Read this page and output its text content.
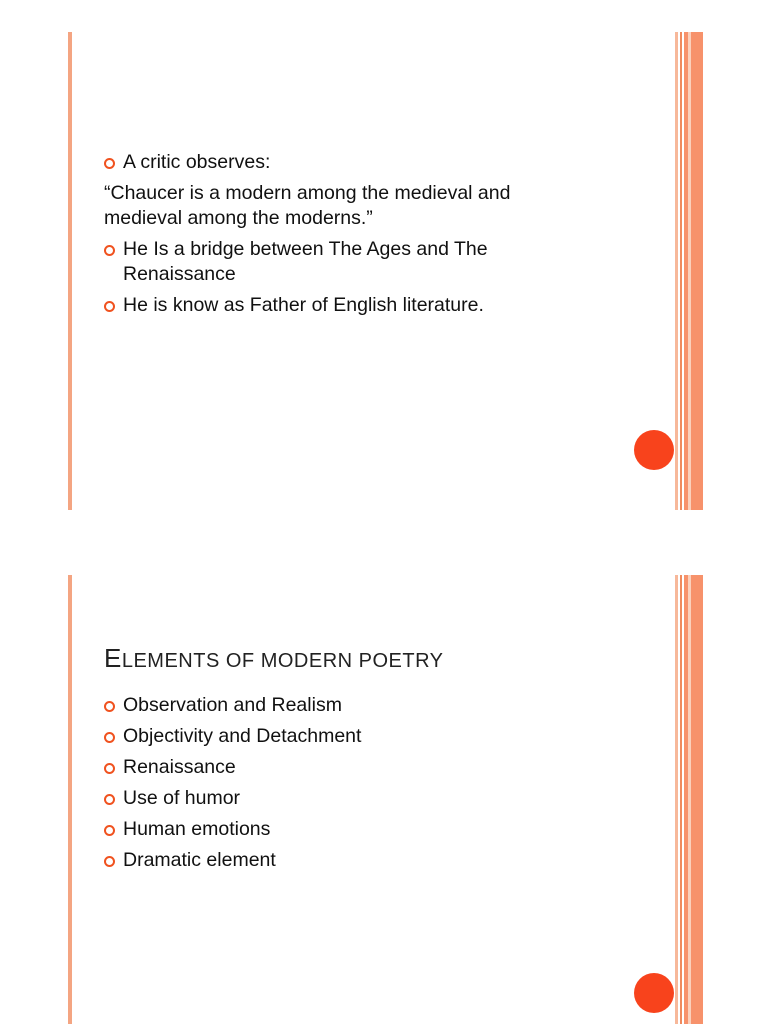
A critic observes:
“Chaucer is a modern among the medieval and medieval among the moderns.”
He Is a bridge between The Ages and The Renaissance
He is know as Father of English literature.
ELEMENTS OF MODERN POETRY
Observation and Realism
Objectivity and Detachment
Renaissance
Use of humor
Human emotions
Dramatic element
